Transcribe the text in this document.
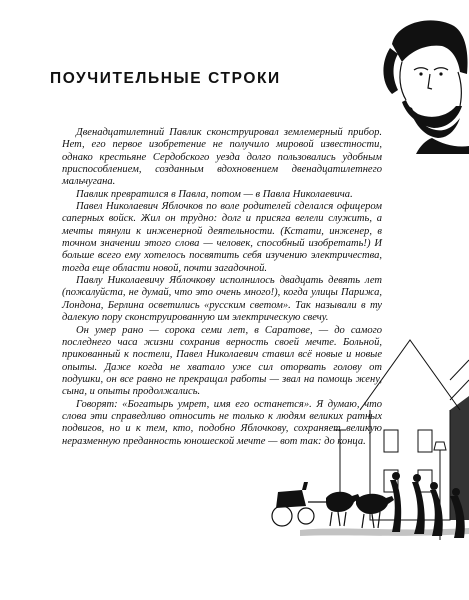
ПОУЧИТЕЛЬНЫЕ СТРОКИ

Двенадцатилетний Павлик сконструировал землемерный прибор. Нет, его первое изобретение не получило мировой известности, однако крестьяне Сердобского уезда долго пользовались удобным приспособлением, созданным вдохновением двенадцатилетнего мальчугана.

Павлик превратился в Павла, потом — в Павла Николаевича.

Павел Николаевич Яблочков по воле родителей сделался офицером саперных войск. Жил он трудно: долг и присяга велели служить, а мечты тянули к инженерной деятельности. (Кстати, инженер, в точном значении этого слова — человек, способный изобретать!) И больше всего ему хотелось посвятить себя изучению электричества, тогда еще области новой, почти загадочной.

Павлу Николаевичу Яблочкову исполнилось двадцать девять лет (пожалуйста, не думай, что это очень много!), когда улицы Парижа, Лондона, Берлина осветились «русским светом». Так называли в ту далекую пору сконструированную им электрическую свечу.

Он умер рано — сорока семи лет, в Саратове, — до самого последнего часа жизни сохранив верность своей мечте. Больной, прикованный к постели, Павел Николаевич ставил всё новые и новые опыты. Даже когда не хватало уже сил оторвать голову от подушки, он все равно не прекращал работы — звал на помощь жену, сына, и опыты продолжались.

Говорят: «Богатырь умрет, имя его останется». Я думаю, что слова эти справедливо относить не только к людям великих ратных подвигов, но и к тем, кто, подобно Яблочкову, сохраняет великую неразменную преданность юношеской мечте — вот так: до конца.
